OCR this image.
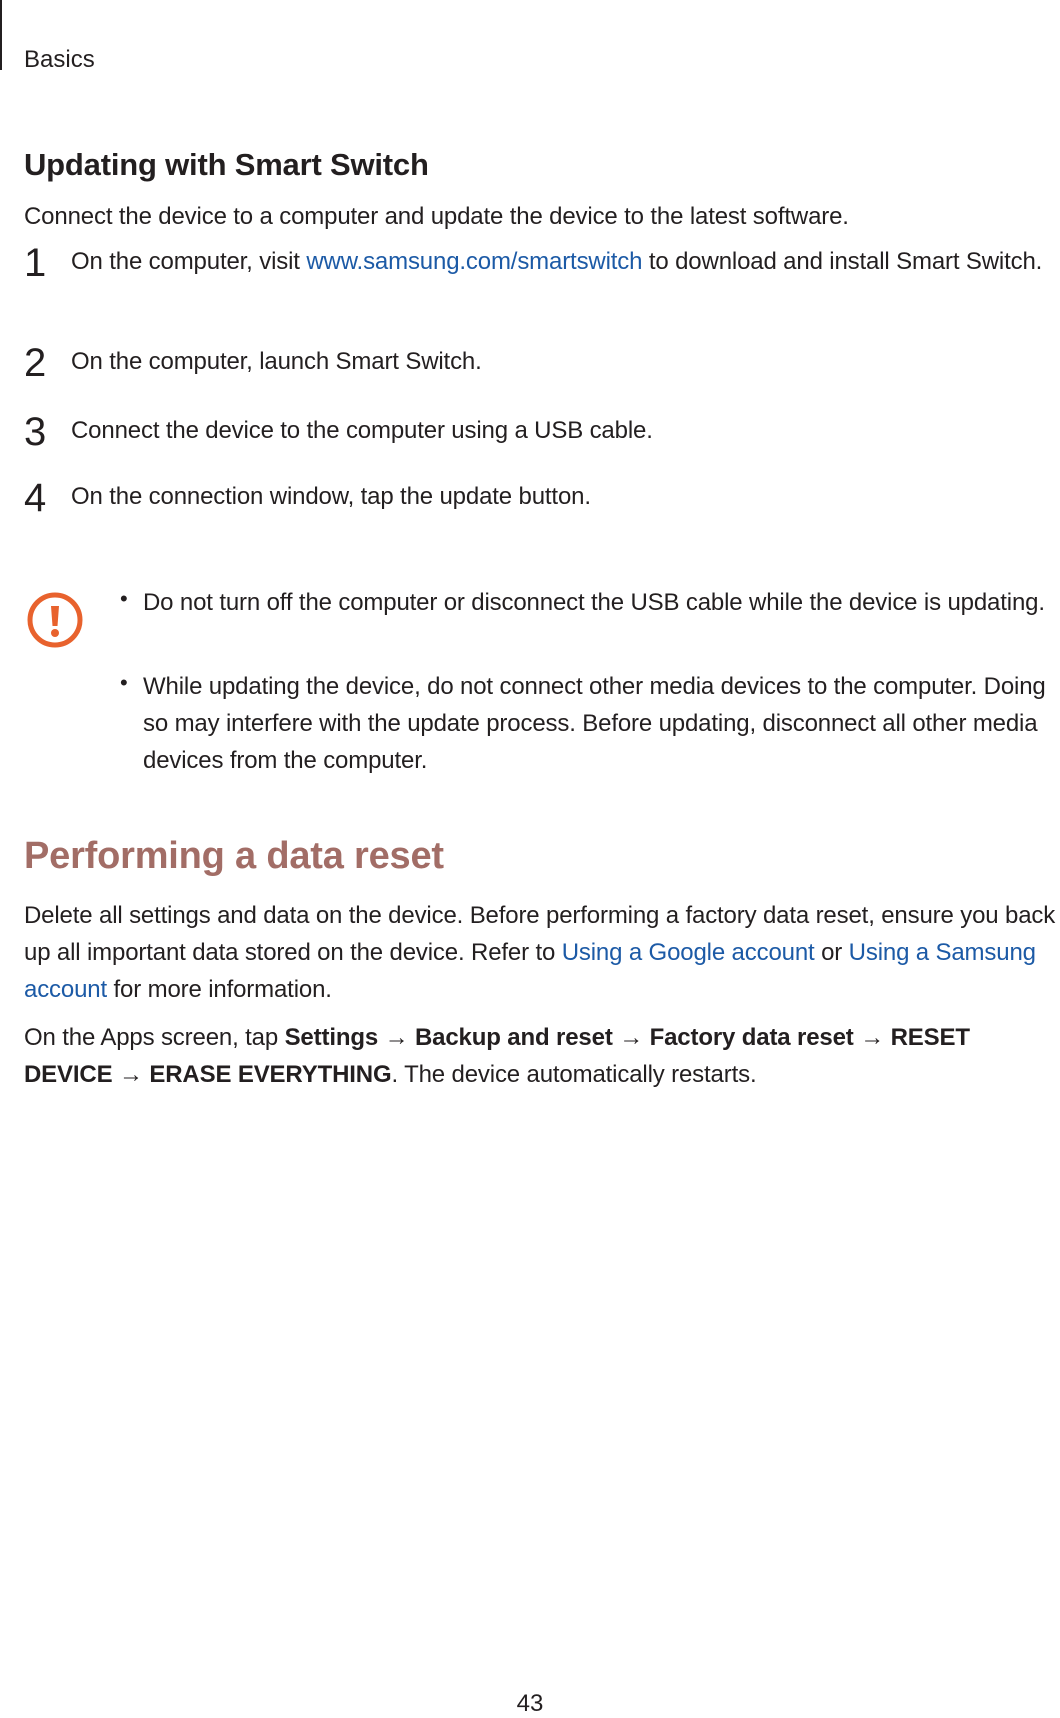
Basics
Updating with Smart Switch
Connect the device to a computer and update the device to the latest software.
1 On the computer, visit www.samsung.com/smartswitch to download and install Smart Switch.
2 On the computer, launch Smart Switch.
3 Connect the device to the computer using a USB cable.
4 On the connection window, tap the update button.
• Do not turn off the computer or disconnect the USB cable while the device is updating.
• While updating the device, do not connect other media devices to the computer. Doing so may interfere with the update process. Before updating, disconnect all other media devices from the computer.
Performing a data reset
Delete all settings and data on the device. Before performing a factory data reset, ensure you back up all important data stored on the device. Refer to Using a Google account or Using a Samsung account for more information.
On the Apps screen, tap Settings → Backup and reset → Factory data reset → RESET DEVICE → ERASE EVERYTHING. The device automatically restarts.
43
